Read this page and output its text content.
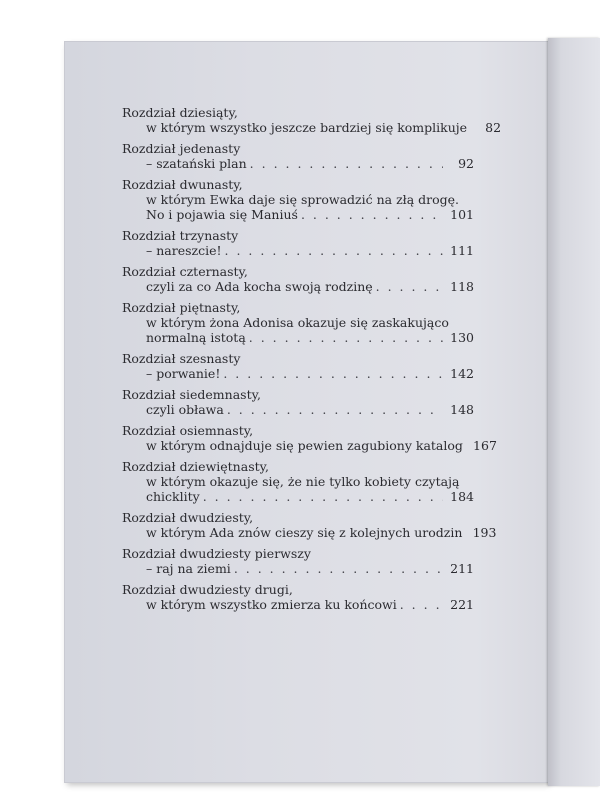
Rozdział dziesiąty,
w którym wszystko jeszcze bardziej się komplikuje	82
Rozdział jedenasty
– szatański plan . . .	92
Rozdział dwunasty,
w którym Ewka daje się sprowadzić na złą drogę.
No i pojawia się Maniuś . . .	101
Rozdział trzynasty
– nareszcie! . . .	111
Rozdział czternasty,
czyli za co Ada kocha swoją rodzinę . . .	118
Rozdział piętnasty,
w którym żona Adonisa okazuje się zaskakująco
normalną istotą . . .	130
Rozdział szesnasty
– porwanie! . . .	142
Rozdział siedemnasty,
czyli obława . . .	148
Rozdział osiemnasty,
w którym odnajduje się pewien zagubiony katalog 167
Rozdział dziewiętnasty,
w którym okazuje się, że nie tylko kobiety czytają
chicklity . . .	184
Rozdział dwudziesty,
w którym Ada znów cieszy się z kolejnych urodzin 193
Rozdział dwudziesty pierwszy
– raj na ziemi . . .	211
Rozdział dwudziesty drugi,
w którym wszystko zmierza ku końcowi . . .	221
